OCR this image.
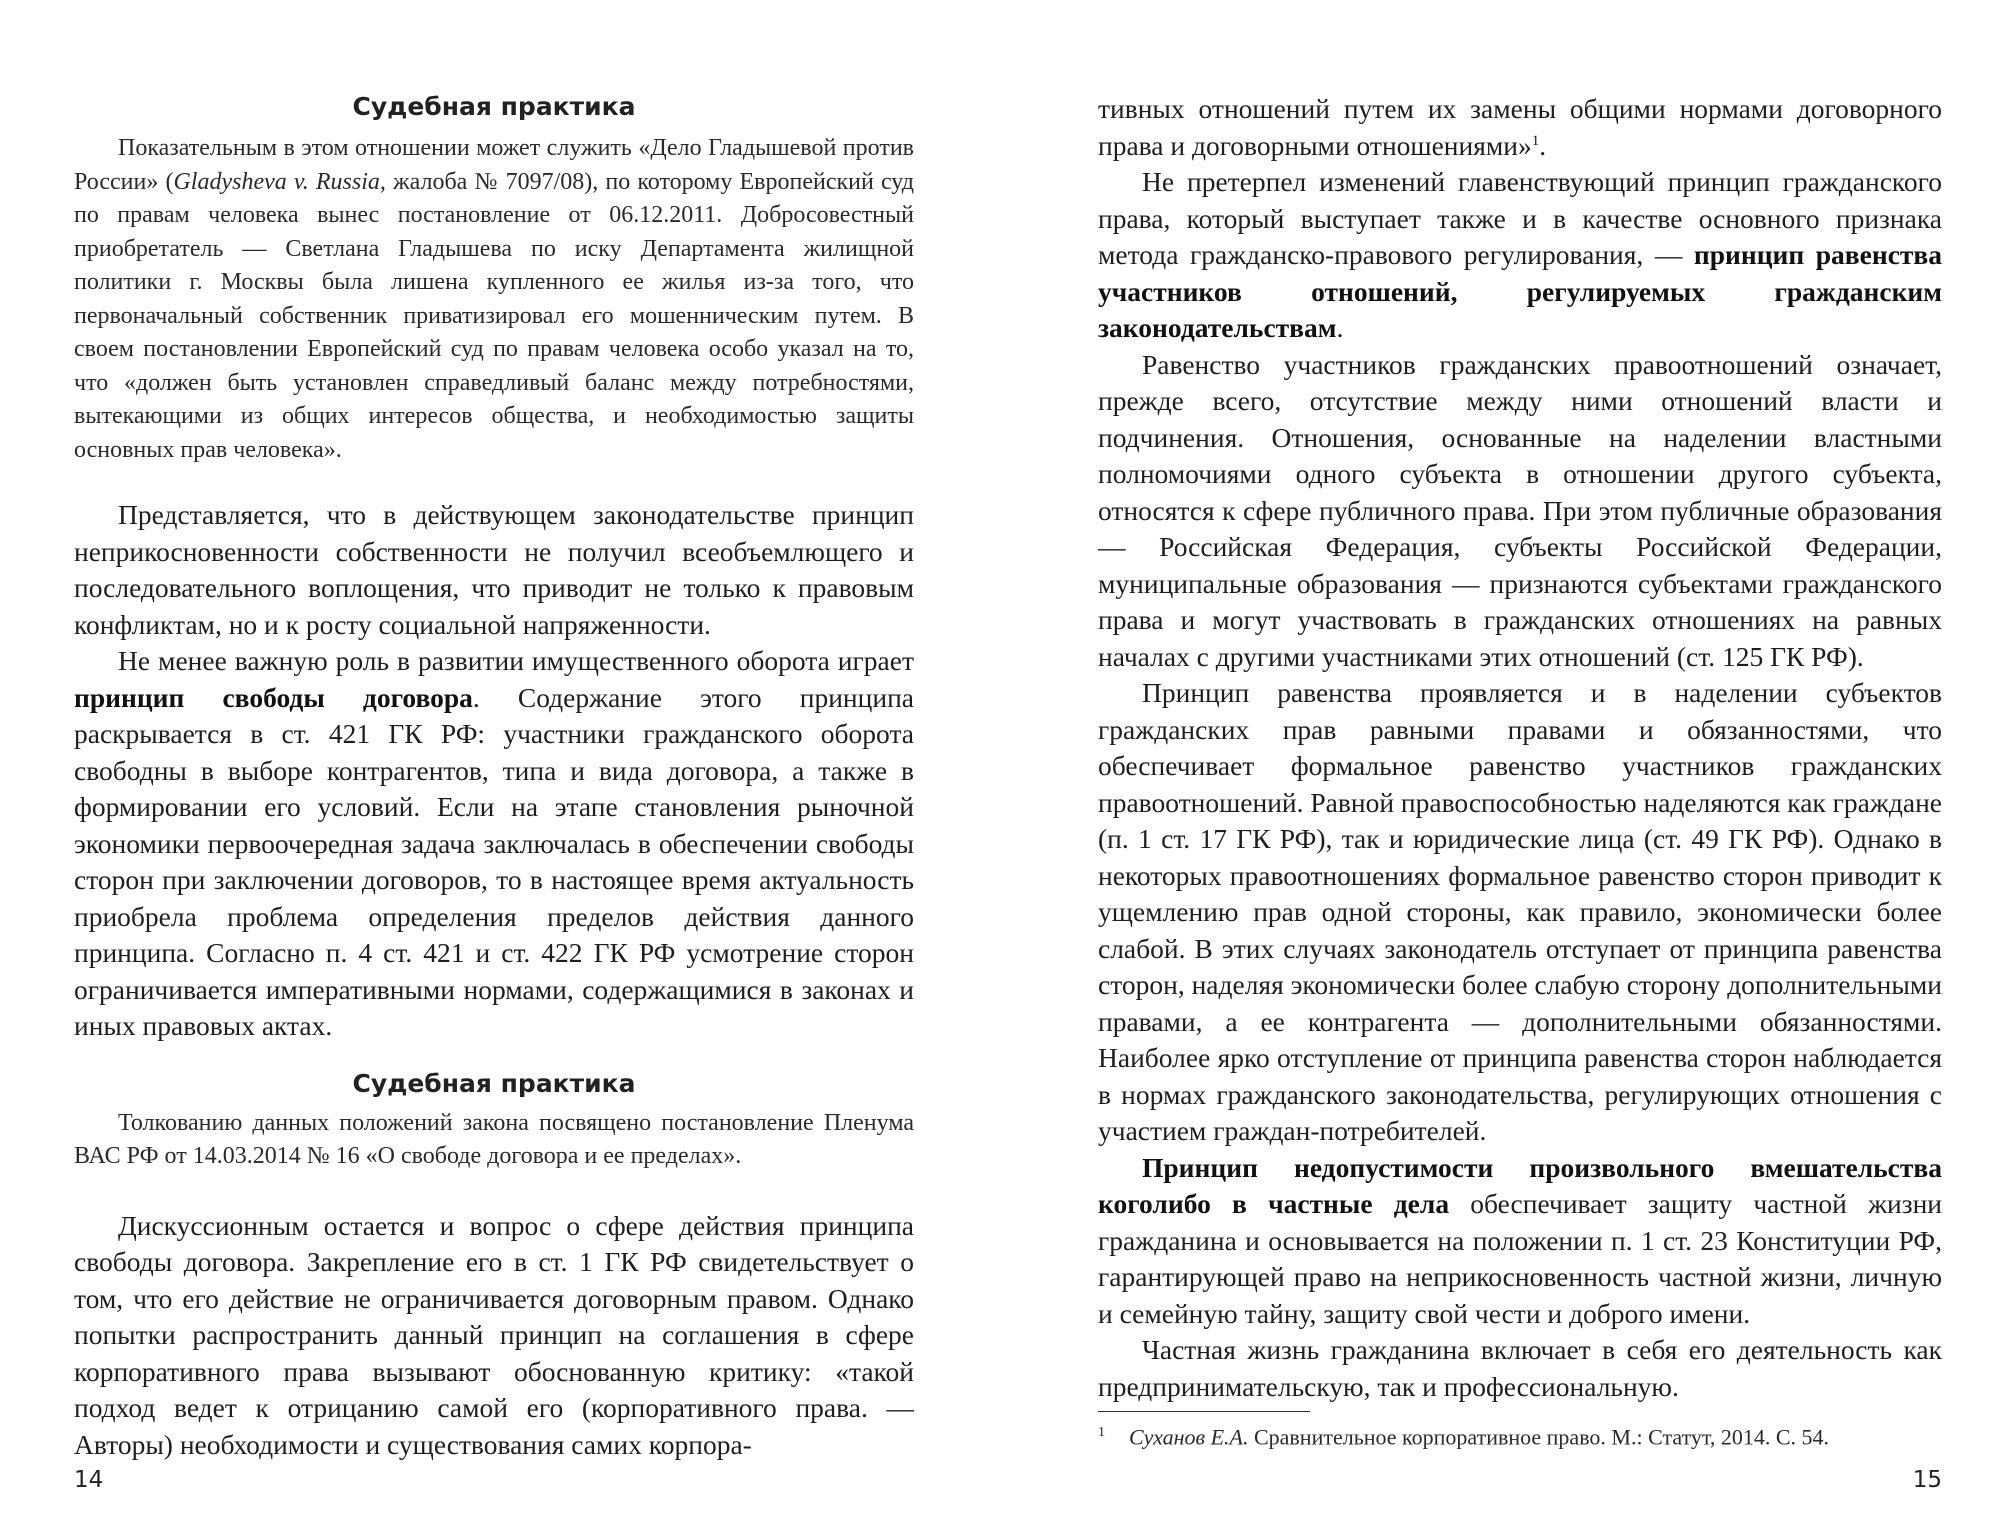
Судебная практика

Показательным в этом отношении может служить «Дело Гладышевой против России» (Gladysheva v. Russia, жалоба № 7097/08), по которому Европейский суд по правам человека вынес постановление от 06.12.2011. Добросовестный приобретатель — Светлана Гладышева по иску Департамента жилищной политики г. Москвы была лишена купленного ее жилья из-за того, что первоначальный собственник приватизировал его мошенническим путем. В своем постановлении Европейский суд по правам человека особо указал на то, что «должен быть установлен справедливый баланс между потребностями, вытекающими из общих интересов общества, и необходимостью защиты основных прав человека».

Представляется, что в действующем законодательстве принцип неприкосновенности собственности не получил всеобъемлющего и последовательного воплощения, что приводит не только к правовым конфликтам, но и к росту социальной напряженности.

Не менее важную роль в развитии имущественного оборота играет принцип свободы договора. Содержание этого принципа раскрывается в ст. 421 ГК РФ: участники гражданского оборота свободны в выборе контрагентов, типа и вида договора, а также в формировании его условий. Если на этапе становления рыночной экономики первоочередная задача заключалась в обеспечении свободы сторон при заключении договоров, то в настоящее время актуальность приобрела проблема определения пределов действия данного принципа. Согласно п. 4 ст. 421 и ст. 422 ГК РФ усмотрение сторон ограничивается императивными нормами, содержащимися в законах и иных правовых актах.

Судебная практика

Толкованию данных положений закона посвящено постановление Пленума ВАС РФ от 14.03.2014 № 16 «О свободе договора и ее пределах».

Дискуссионным остается и вопрос о сфере действия принципа свободы договора. Закрепление его в ст. 1 ГК РФ свидетельствует о том, что его действие не ограничивается договорным правом. Однако попытки распространить данный принцип на соглашения в сфере корпоративного права вызывают обоснованную критику: «такой подход ведет к отрицанию самой его (корпоративного права. — Авторы) необходимости и существования самих корпора-

14

тивных отношений путем их замены общими нормами договорного права и договорными отношениями»$^1$.

Не претерпел изменений главенствующий принцип гражданского права, который выступает также и в качестве основного признака метода гражданско-правового регулирования, — принцип равенства участников отношений, регулируемых гражданским законодательствам.

Равенство участников гражданских правоотношений означает, прежде всего, отсутствие между ними отношений власти и подчинения. Отношения, основанные на наделении властными полномочиями одного субъекта в отношении другого субъекта, относятся к сфере публичного права. При этом публичные образования — Российская Федерация, субъекты Российской Федерации, муниципальные образования — признаются субъектами гражданского права и могут участвовать в гражданских отношениях на равных началах с другими участниками этих отношений (ст. 125 ГК РФ).

Принцип равенства проявляется и в наделении субъектов гражданских прав равными правами и обязанностями, что обеспечивает формальное равенство участников гражданских правоотношений. Равной правоспособностью наделяются как граждане (п. 1 ст. 17 ГК РФ), так и юридические лица (ст. 49 ГК РФ). Однако в некоторых правоотношениях формальное равенство сторон приводит к ущемлению прав одной стороны, как правило, экономически более слабой. В этих случаях законодатель отступает от принципа равенства сторон, наделяя экономически более слабую сторону дополнительными правами, а ее контрагента — дополнительными обязанностями. Наиболее ярко отступление от принципа равенства сторон наблюдается в нормах гражданского законодательства, регулирующих отношения с участием граждан-потребителей.

Принцип недопустимости произвольного вмешательства коголибо в частные дела обеспечивает защиту частной жизни гражданина и основывается на положении п. 1 ст. 23 Конституции РФ, гарантирующей право на неприкосновенность частной жизни, личную и семейную тайну, защиту свой чести и доброго имени.

Частная жизнь гражданина включает в себя его деятельность как предпринимательскую, так и профессиональную.

$^1$ Суханов Е.А. Сравнительное корпоративное право. М.: Статут, 2014. С. 54.

15
